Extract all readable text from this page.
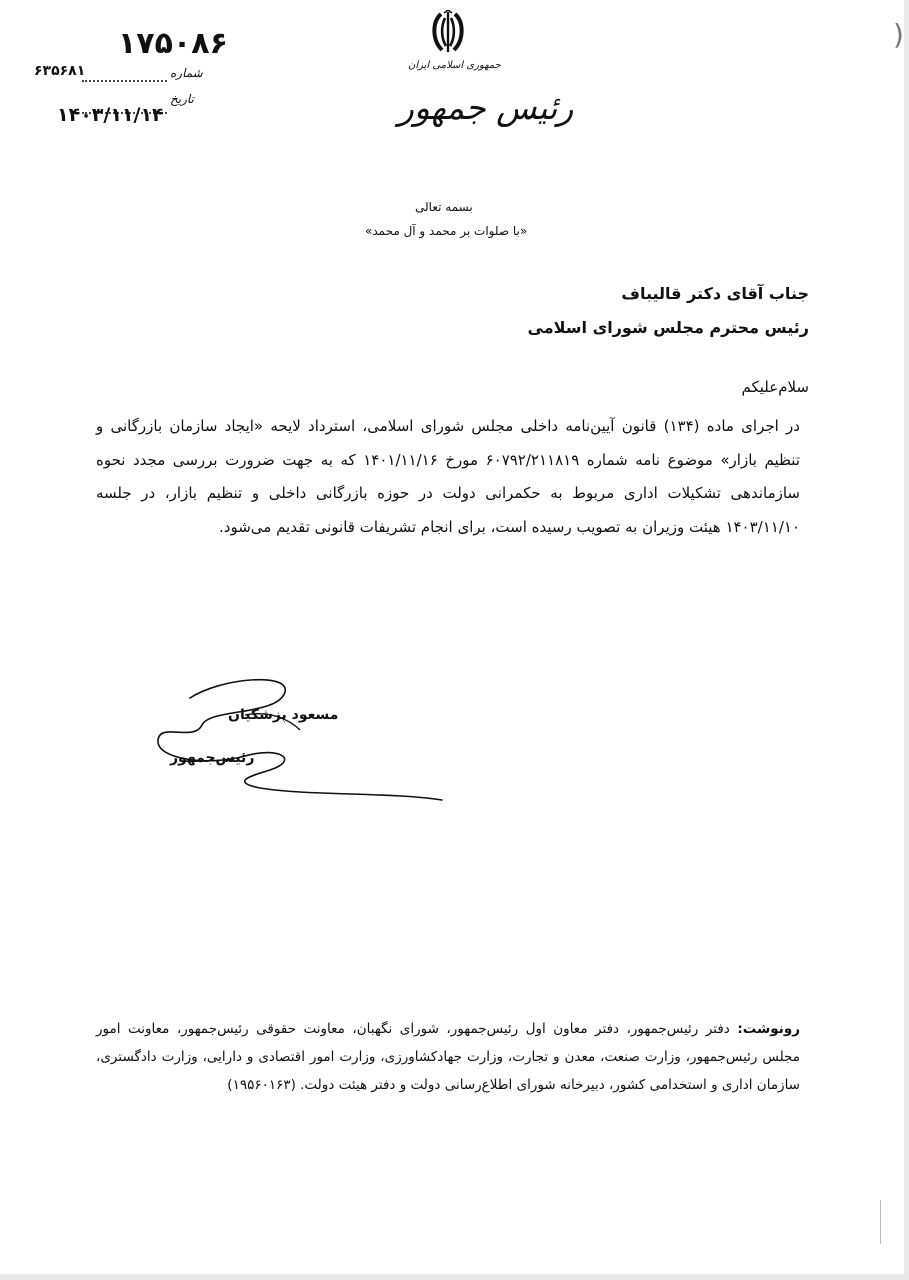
(
۱۷۵۰۸۶
۶۳۵۶۸۱	شماره
تاریخ
۱۴۰۳/۱۱/۱۴
جمهوری اسلامی ایران
رئیس جمهور
بسمه تعالی
«با صلوات بر محمد و آل محمد»
جناب آقای دکتر قالیباف
رئیس محترم مجلس شورای اسلامی
سلام‌علیکم
در اجرای ماده (۱۳۴) قانون آیین‌نامه داخلی مجلس شورای اسلامی، استرداد لایحه «ایجاد سازمان بازرگانی و تنظیم بازار» موضوع نامه شماره ۶۰۷۹۲/۲۱۱۸۱۹ مورخ ۱۴۰۱/۱۱/۱۶ که به جهت ضرورت بررسی مجدد نحوه سازماندهی تشکیلات اداری مربوط به حکمرانی دولت در حوزه بازرگانی داخلی و تنظیم بازار، در جلسه ۱۴۰۳/۱۱/۱۰ هیئت وزیران به تصویب رسیده است، برای انجام تشریفات قانونی تقدیم می‌شود.
مسعود پزشکیان
رئیس‌جمهور
رونوشت: دفتر رئیس‌جمهور، دفتر معاون اول رئیس‌جمهور، شورای نگهبان، معاونت حقوقی رئیس‌جمهور، معاونت امور مجلس رئیس‌جمهور، وزارت صنعت، معدن و تجارت، وزارت جهادکشاورزی، وزارت امور اقتصادی و دارایی، وزارت دادگستری، سازمان اداری و استخدامی کشور، دبیرخانه شورای اطلاع‌رسانی دولت و دفتر هیئت دولت. (۱۹۵۶۰۱۶۳)
